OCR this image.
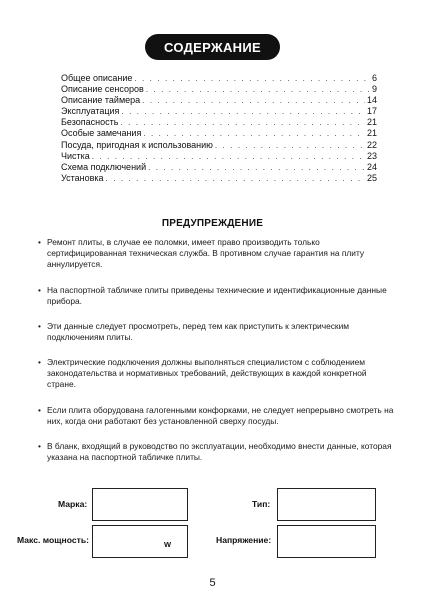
СОДЕРЖАНИЕ
Общее описание . . .	6
Описание сенсоров . . .	9
Описание таймера . . .	14
Эксплуатация . . .	17
Безопасность . . .	21
Особые замечания . . .	21
Посуда, пригодная к использованию . . .	22
Чистка . . .	23
Схема подключений . . .	24
Установка . . .	25
ПРЕДУПРЕЖДЕНИЕ
• Ремонт плиты, в случае ее поломки, имеет право производить только сертифицированная техническая служба. В противном случае гарантия на плиту аннулируется.
• На паспортной табличке плиты приведены технические и идентификационные данные прибора.
• Эти данные следует просмотреть, перед тем как приступить к электрическим подключениям плиты.
• Электрические подключения должны выполняться специалистом с соблюдением законодательства и нормативных требований, действующих в каждой конкретной стране.
• Если плита оборудована галогенными конфорками, не следует непрерывно смотреть на них, когда они работают без установленной сверху посуды.
• В бланк, входящий в руководство по эксплуатации, необходимо внести данные, которая указана на паспортной табличке плиты.
Марка:	Тип:
Макс. мощность:	W	Напряжение:
5
